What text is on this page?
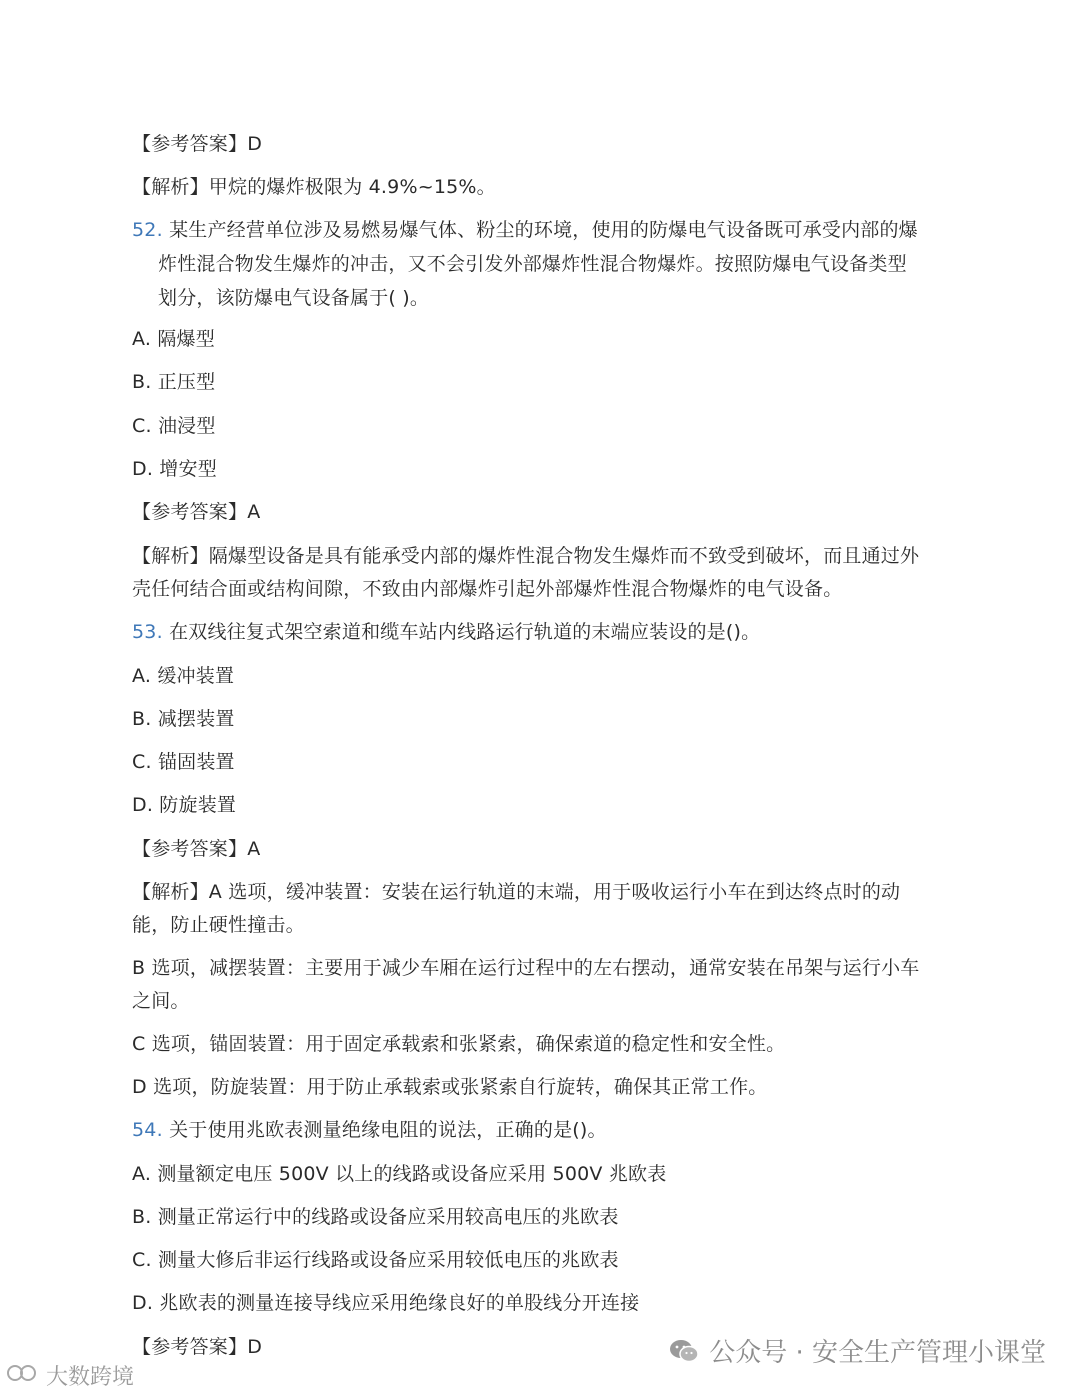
【参考答案】D
【解析】甲烷的爆炸极限为 4.9%~15%。
52. 某生产经营单位涉及易燃易爆气体、粉尘的环境，使用的防爆电气设备既可承受内部的爆
炸性混合物发生爆炸的冲击，又不会引发外部爆炸性混合物爆炸。按照防爆电气设备类型
划分，该防爆电气设备属于( )。
A. 隔爆型
B. 正压型
C. 油浸型
D. 增安型
【参考答案】A
【解析】隔爆型设备是具有能承受内部的爆炸性混合物发生爆炸而不致受到破坏，而且通过外
壳任何结合面或结构间隙，不致由内部爆炸引起外部爆炸性混合物爆炸的电气设备。
53. 在双线往复式架空索道和缆车站内线路运行轨道的末端应装设的是()。
A. 缓冲装置
B. 减摆装置
C. 锚固装置
D. 防旋装置
【参考答案】A
【解析】A 选项，缓冲装置：安装在运行轨道的末端，用于吸收运行小车在到达终点时的动
能，防止硬性撞击。
B 选项，减摆装置：主要用于减少车厢在运行过程中的左右摆动，通常安装在吊架与运行小车
之间。
C 选项，锚固装置：用于固定承载索和张紧索，确保索道的稳定性和安全性。
D 选项，防旋装置：用于防止承载索或张紧索自行旋转，确保其正常工作。
54. 关于使用兆欧表测量绝缘电阻的说法，正确的是()。
A. 测量额定电压 500V 以上的线路或设备应采用 500V 兆欧表
B. 测量正常运行中的线路或设备应采用较高电压的兆欧表
C. 测量大修后非运行线路或设备应采用较低电压的兆欧表
D. 兆欧表的测量连接导线应采用绝缘良好的单股线分开连接
【参考答案】D	公众号 · 安全生产管理小课堂
大数跨境
